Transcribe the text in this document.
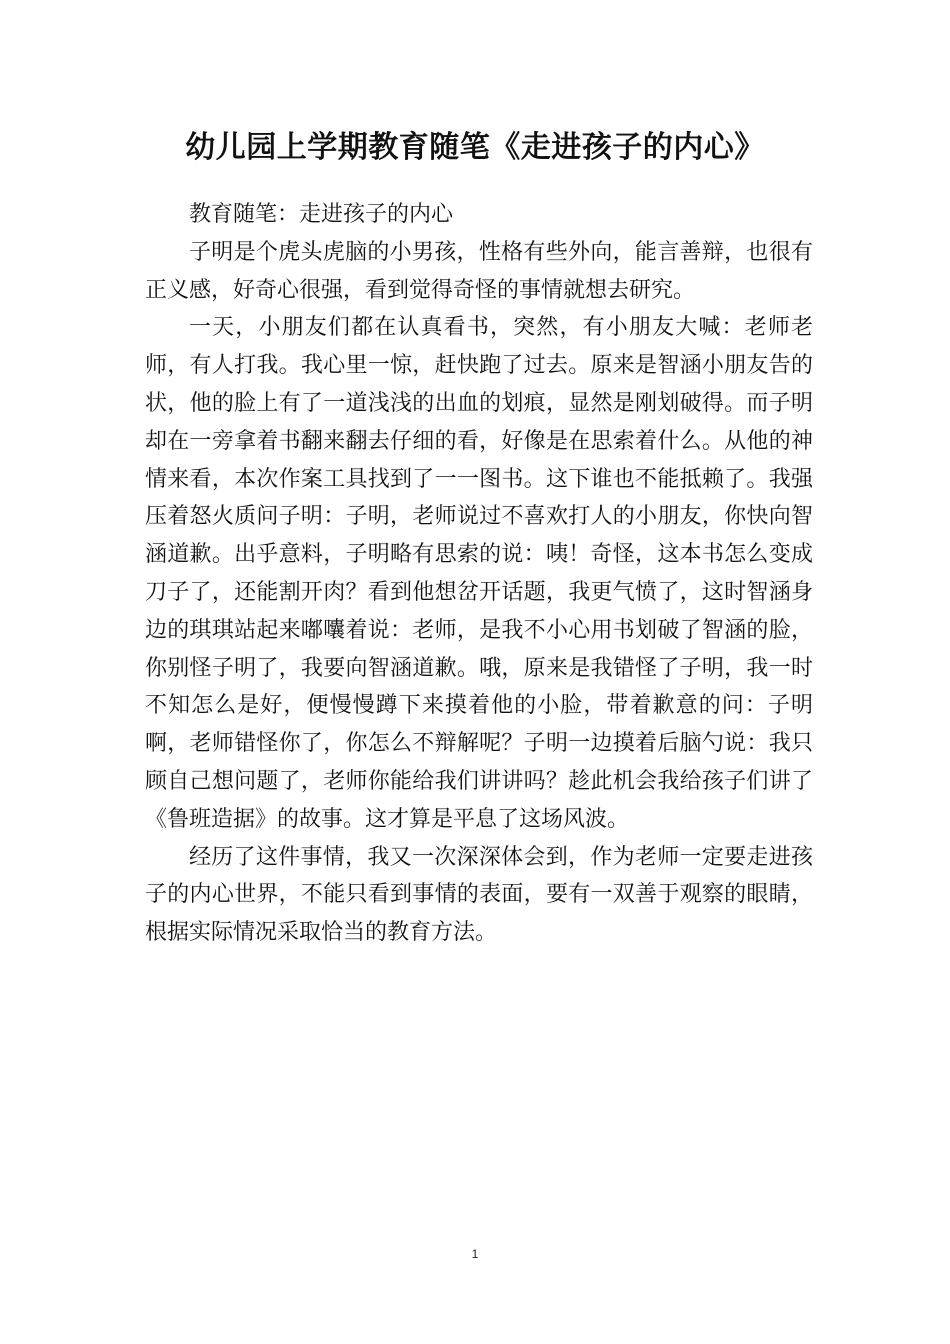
幼儿园上学期教育随笔《走进孩子的内心》

教育随笔：走进孩子的内心

子明是个虎头虎脑的小男孩，性格有些外向，能言善辩，也很有正义感，好奇心很强，看到觉得奇怪的事情就想去研究。

一天，小朋友们都在认真看书，突然，有小朋友大喊：老师老师，有人打我。我心里一惊，赶快跑了过去。原来是智涵小朋友告的状，他的脸上有了一道浅浅的出血的划痕，显然是刚划破得。而子明却在一旁拿着书翻来翻去仔细的看，好像是在思索着什么。从他的神情来看，本次作案工具找到了一一图书。这下谁也不能抵赖了。我强压着怒火质问子明：子明，老师说过不喜欢打人的小朋友，你快向智涵道歉。出乎意料，子明略有思索的说：咦！奇怪，这本书怎么变成刀子了，还能割开肉？看到他想岔开话题，我更气愤了，这时智涵身边的琪琪站起来嘟囔着说：老师，是我不小心用书划破了智涵的脸，你别怪子明了，我要向智涵道歉。哦，原来是我错怪了子明，我一时不知怎么是好，便慢慢蹲下来摸着他的小脸，带着歉意的问：子明啊，老师错怪你了，你怎么不辩解呢？子明一边摸着后脑勺说：我只顾自己想问题了，老师你能给我们讲讲吗？趁此机会我给孩子们讲了《鲁班造据》的故事。这才算是平息了这场风波。

经历了这件事情，我又一次深深体会到，作为老师一定要走进孩子的内心世界，不能只看到事情的表面，要有一双善于观察的眼睛，根据实际情况采取恰当的教育方法。

1
